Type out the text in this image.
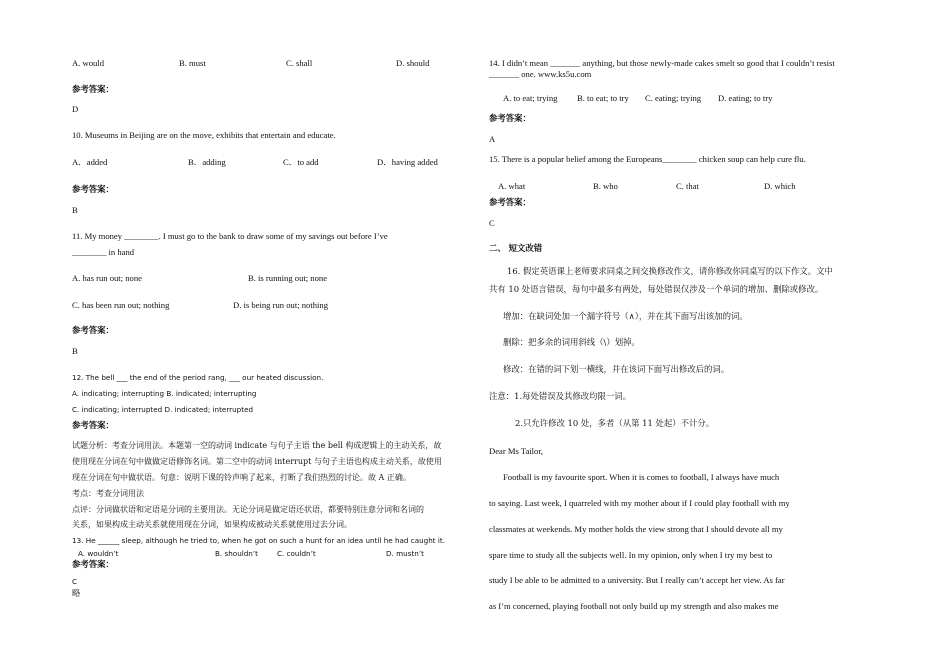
A. would	B. must	C. shall	D. should
参考答案：
D
10. Museums in Beijing are on the move, exhibits that entertain and educate.
A．added	B．adding	C．to add	D．having added
参考答案：
B
11. My money ________. I must go to the bank to draw some of my savings out before I’ve
________ in hand
A. has run out; none	B. is running out; none
C. has been run out; nothing	D. is being run out; nothing
参考答案：
B
12. The bell ___ the end of the period rang, ___ our heated discussion.
A. indicating; interrupting B. indicated; interrupting
C. indicating; interrupted D. indicated; interrupted
参考答案：
试题分析：考查分词用法。本题第一空的动词 indicate 与句子主语 the bell 构成逻辑上的主动关系，故
使用现在分词在句中做做定语修饰名词。第二空中的动词 interrupt 与句子主语也构成主动关系，故使用
现在分词在句中做状语。句意：说明下课的铃声响了起来，打断了我们热烈的讨论。故 A 正确。
考点：考查分词用法
点评：分词做状语和定语是分词的主要用法。无论分词是做定语还状语，都要特别注意分词和名词的
关系，如果构成主动关系就使用现在分词，如果构成被动关系就使用过去分词。
13. He ______ sleep, although he tried to, when he got on such a hunt for an idea until he had caught it.
A. wouldn’t	B. shouldn’t	C. couldn’t	D. mustn’t
参考答案：
C
略
14. I didn’t mean _______ anything, but those newly-made cakes smelt so good that I couldn’t resist
_______ one. www.ks5u.com
A. to eat; trying B. to eat; to try C. eating; trying D. eating; to try
参考答案：
A
15. There is a popular belief among the Europeans________ chicken soup can help cure flu.
A. what	B. who	C. that	D. which
参考答案：
C
二、 短文改错
16. 假定英语课上老师要求同桌之间交换修改作文，请你修改你同桌写的以下作文。文中
共有 10 处语言错误，每句中最多有两处，每处错误仅涉及一个单词的增加、删除或修改。
增加：在缺词处加一个漏字符号（∧），并在其下面写出该加的词。
删除：把多余的词用斜线（\）划掉。
修改：在错的词下划一横线，并在该词下面写出修改后的词。
注意：1.每处错误及其修改均限一词。
2.只允许修改 10 处，多者（从第 11 处起）不计分。
Dear Ms Tailor,
Football is my favourite sport. When it is comes to football, I always have much
to saying. Last week, I quarreled with my mother about if I could play football with my
classmates at weekends. My mother holds the view strong that I should devote all my
spare time to study all the subjects well. In my opinion, only when I try my best to
study I be able to be admitted to a university. But I really can’t accept her view. As far
as I’m concerned, playing football not only build up my strength and also makes me
